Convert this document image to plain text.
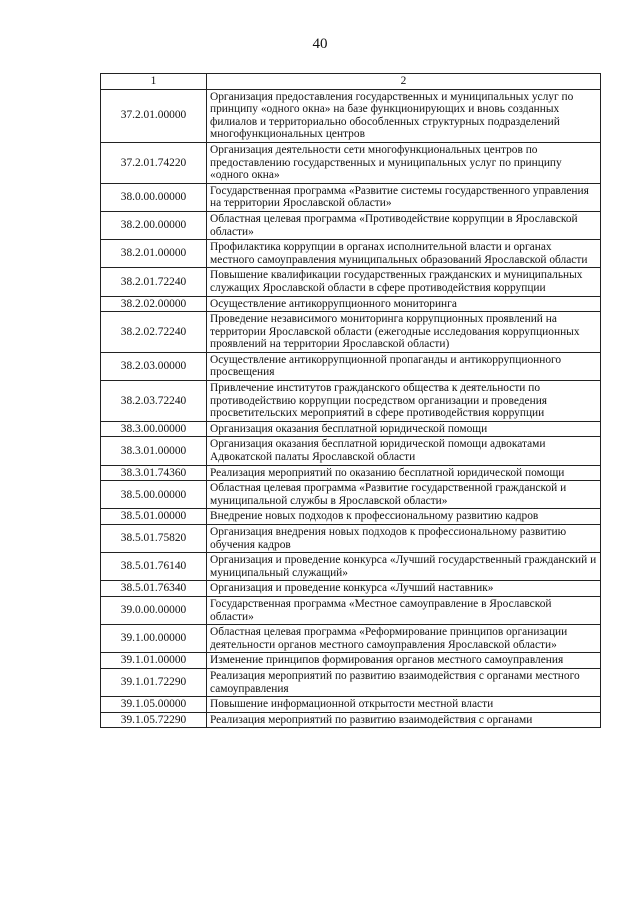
40
1	2
37.2.01.00000	Организация предоставления государственных и муниципальных услуг по принципу «одного окна» на базе функционирующих и вновь созданных филиалов и территориально обособленных структурных подразделений многофункциональных центров
37.2.01.74220	Организация деятельности сети многофункциональных центров по предоставлению государственных и муниципальных услуг по принципу «одного окна»
38.0.00.00000	Государственная программа «Развитие системы государственного управления на территории Ярославской области»
38.2.00.00000	Областная целевая программа «Противодействие коррупции в Ярославской области»
38.2.01.00000	Профилактика коррупции в органах исполнительной власти и органах местного самоуправления муниципальных образований Ярославской области
38.2.01.72240	Повышение квалификации государственных гражданских и муниципальных служащих Ярославской области в сфере противодействия коррупции
38.2.02.00000	Осуществление антикоррупционного мониторинга
38.2.02.72240	Проведение независимого мониторинга коррупционных проявлений на территории Ярославской области (ежегодные исследования коррупционных проявлений на территории Ярославской области)
38.2.03.00000	Осуществление антикоррупционной пропаганды и антикоррупционного просвещения
38.2.03.72240	Привлечение институтов гражданского общества к деятельности по противодействию коррупции посредством организации и проведения просветительских мероприятий в сфере противодействия коррупции
38.3.00.00000	Организация оказания бесплатной юридической помощи
38.3.01.00000	Организация оказания бесплатной юридической помощи адвокатами Адвокатской палаты Ярославской области
38.3.01.74360	Реализация мероприятий по оказанию бесплатной юридической помощи
38.5.00.00000	Областная целевая программа «Развитие государственной гражданской и муниципальной службы в Ярославской области»
38.5.01.00000	Внедрение новых подходов к профессиональному развитию кадров
38.5.01.75820	Организация внедрения новых подходов к профессиональному развитию обучения кадров
38.5.01.76140	Организация и проведение конкурса «Лучший государственный гражданский и муниципальный служащий»
38.5.01.76340	Организация и проведение конкурса «Лучший наставник»
39.0.00.00000	Государственная программа «Местное самоуправление в Ярославской области»
39.1.00.00000	Областная целевая программа «Реформирование принципов организации деятельности органов местного самоуправления Ярославской области»
39.1.01.00000	Изменение принципов формирования органов местного самоуправления
39.1.01.72290	Реализация мероприятий по развитию взаимодействия с органами местного самоуправления
39.1.05.00000	Повышение информационной открытости местной власти
39.1.05.72290	Реализация мероприятий по развитию взаимодействия с органами
